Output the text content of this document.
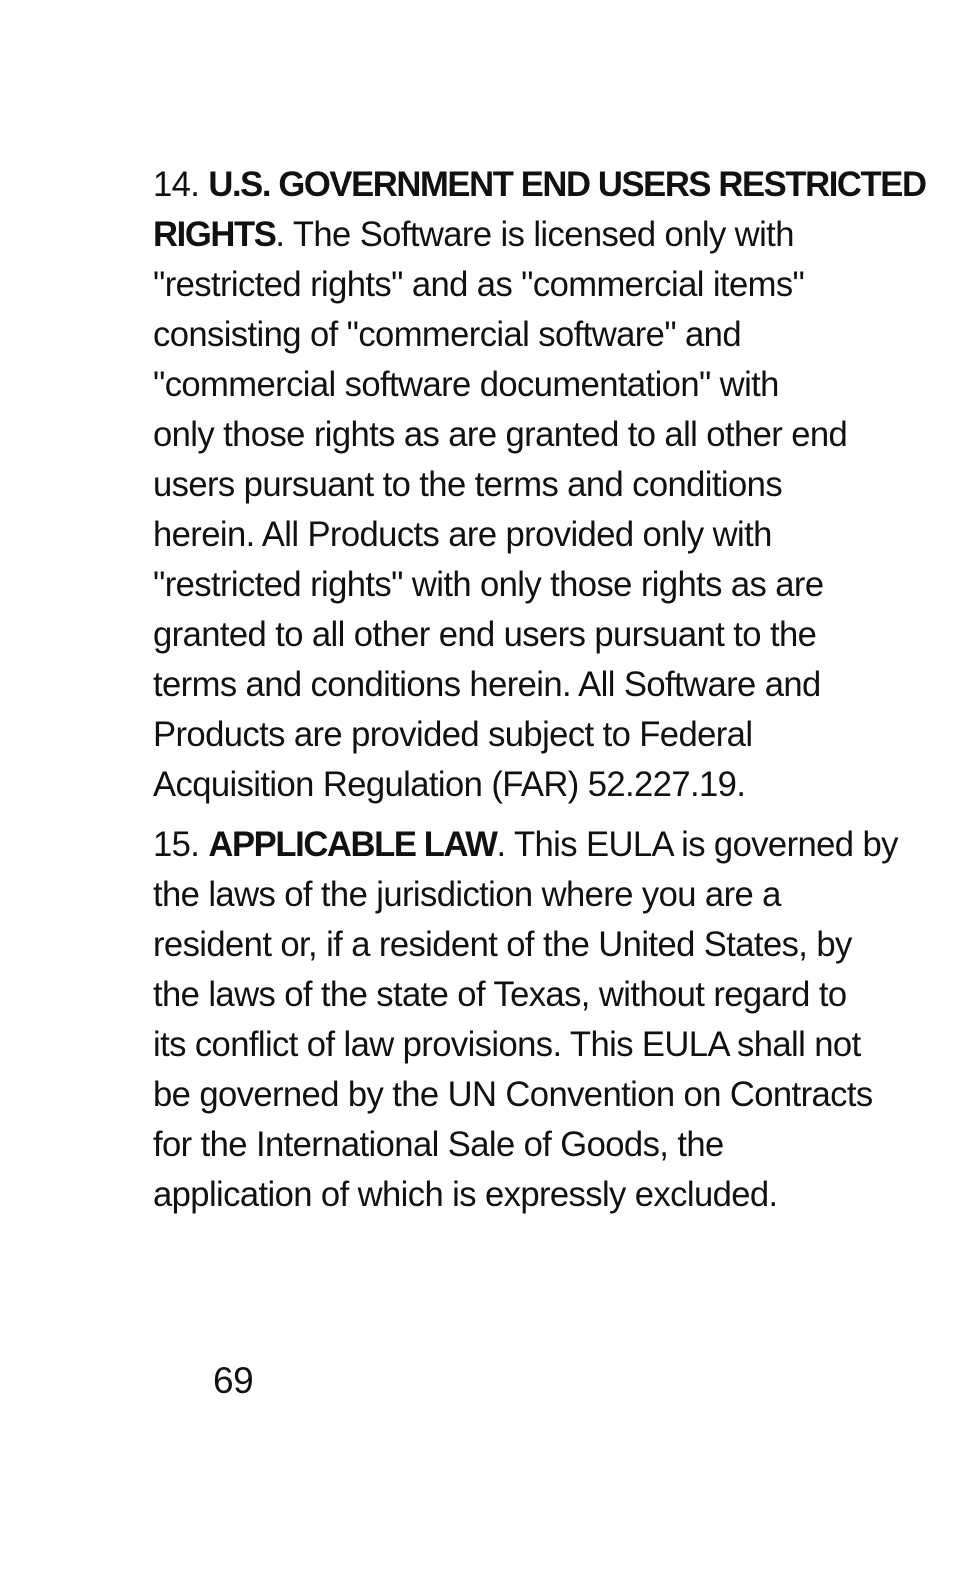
14. U.S. GOVERNMENT END USERS RESTRICTED
RIGHTS. The Software is licensed only with
"restricted rights" and as "commercial items"
consisting of "commercial software" and
"commercial software documentation" with
only those rights as are granted to all other end
users pursuant to the terms and conditions
herein. All Products are provided only with
"restricted rights" with only those rights as are
granted to all other end users pursuant to the
terms and conditions herein. All Software and
Products are provided subject to Federal
Acquisition Regulation (FAR) 52.227.19.

15. APPLICABLE LAW. This EULA is governed by
the laws of the jurisdiction where you are a
resident or, if a resident of the United States, by
the laws of the state of Texas, without regard to
its conflict of law provisions. This EULA shall not
be governed by the UN Convention on Contracts
for the International Sale of Goods, the
application of which is expressly excluded.

69
